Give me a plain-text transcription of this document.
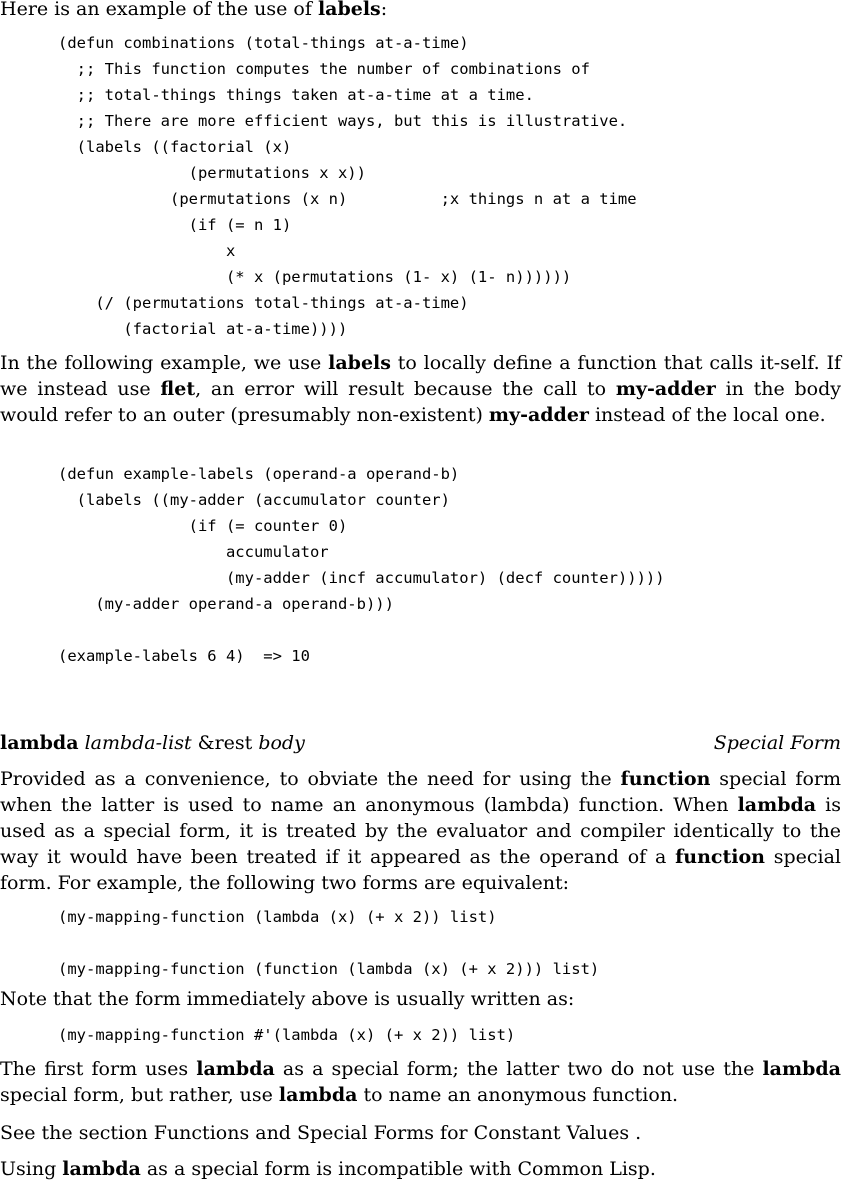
Here is an example of the use of labels:

(defun combinations (total-things at-a-time)
;; This function computes the number of combinations of
;; total-things things taken at-a-time at a time.
;; There are more efficient ways, but this is illustrative.
(labels ((factorial (x)
(permutations x x))
(permutations (x n)          ;x things n at a time
(if (= n 1)
x
(* x (permutations (1- x) (1- n))))))
(/ (permutations total-things at-a-time)
(factorial at-a-time))))

In the following example, we use labels to locally define a function that calls it-self. If we instead use flet, an error will result because the call to my-adder in the body would refer to an outer (presumably non-existent) my-adder instead of the local one.

(defun example-labels (operand-a operand-b)
(labels ((my-adder (accumulator counter)
(if (= counter 0)
accumulator
(my-adder (incf accumulator) (decf counter)))))
(my-adder operand-a operand-b)))

(example-labels 6 4)  => 10
lambda lambda-list &rest body	Special Form

Provided as a convenience, to obviate the need for using the function special form when the latter is used to name an anonymous (lambda) function. When lambda is used as a special form, it is treated by the evaluator and compiler identically to the way it would have been treated if it appeared as the operand of a function special form. For example, the following two forms are equivalent:

(my-mapping-function (lambda (x) (+ x 2)) list)
(my-mapping-function (function (lambda (x) (+ x 2))) list)

Note that the form immediately above is usually written as:

(my-mapping-function #'(lambda (x) (+ x 2)) list)

The first form uses lambda as a special form; the latter two do not use the lambda special form, but rather, use lambda to name an anonymous function.

See the section Functions and Special Forms for Constant Values .

Using lambda as a special form is incompatible with Common Lisp.
